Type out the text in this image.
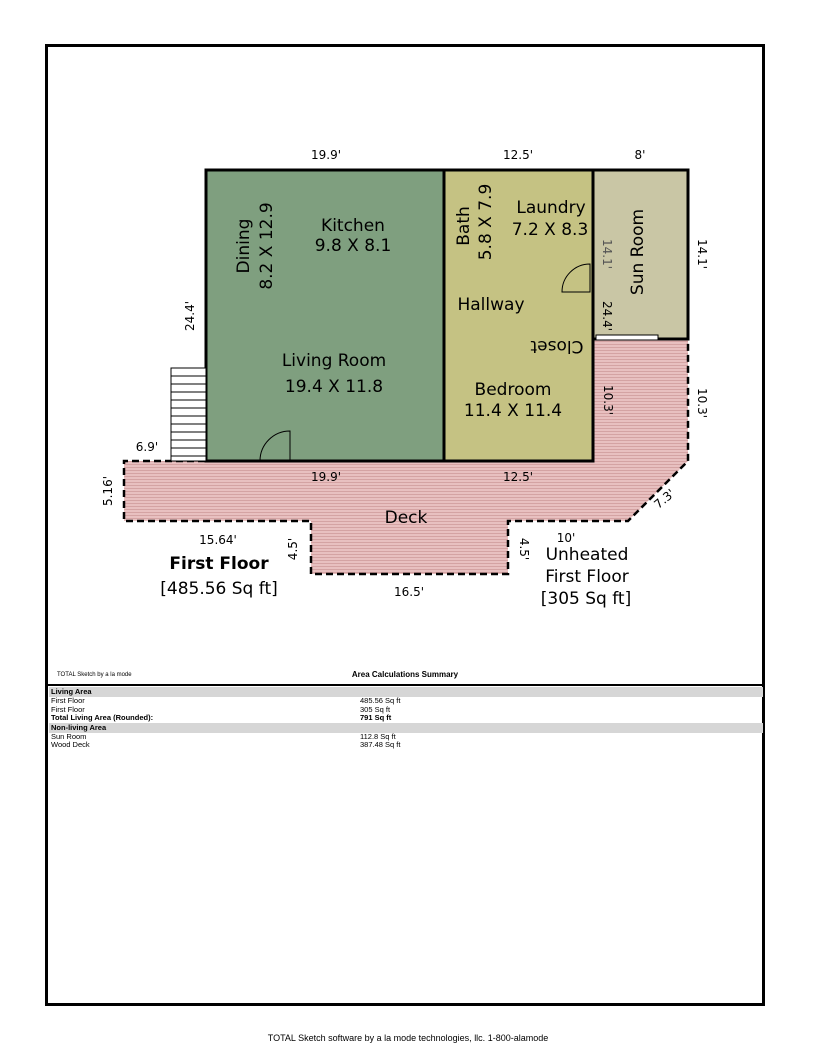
19.9'	12.5'	8'
24.4'
14.1'
10.3'
Dining 8.2 X 12.9	Kitchen
9.8 X 8.1
Living Room
19.4 X 11.8
Bath 5.8 X 7.9 Laundry
7.2 X 8.3
Hallway
Closet
Bedroom
11.4 X 11.4
Sun Room
14.1'
24.4'
10.3'
Deck
6.9'
5.16'	19.9'	12.5'
7.3'
15.64'	4.5'	4.5'
16.5'
10'
First Floor
[485.56 Sq ft]
Unheated
First Floor
[305 Sq ft]
TOTAL Sketch by a la mode	Area Calculations Summary
Living Area
First Floor	485.56 Sq ft
First Floor	305 Sq ft
Total Living Area (Rounded):	791 Sq ft
Non-living Area
Sun Room	112.8 Sq ft
Wood Deck	387.48 Sq ft
TOTAL Sketch software by a la mode technologies, llc. 1-800-alamode
